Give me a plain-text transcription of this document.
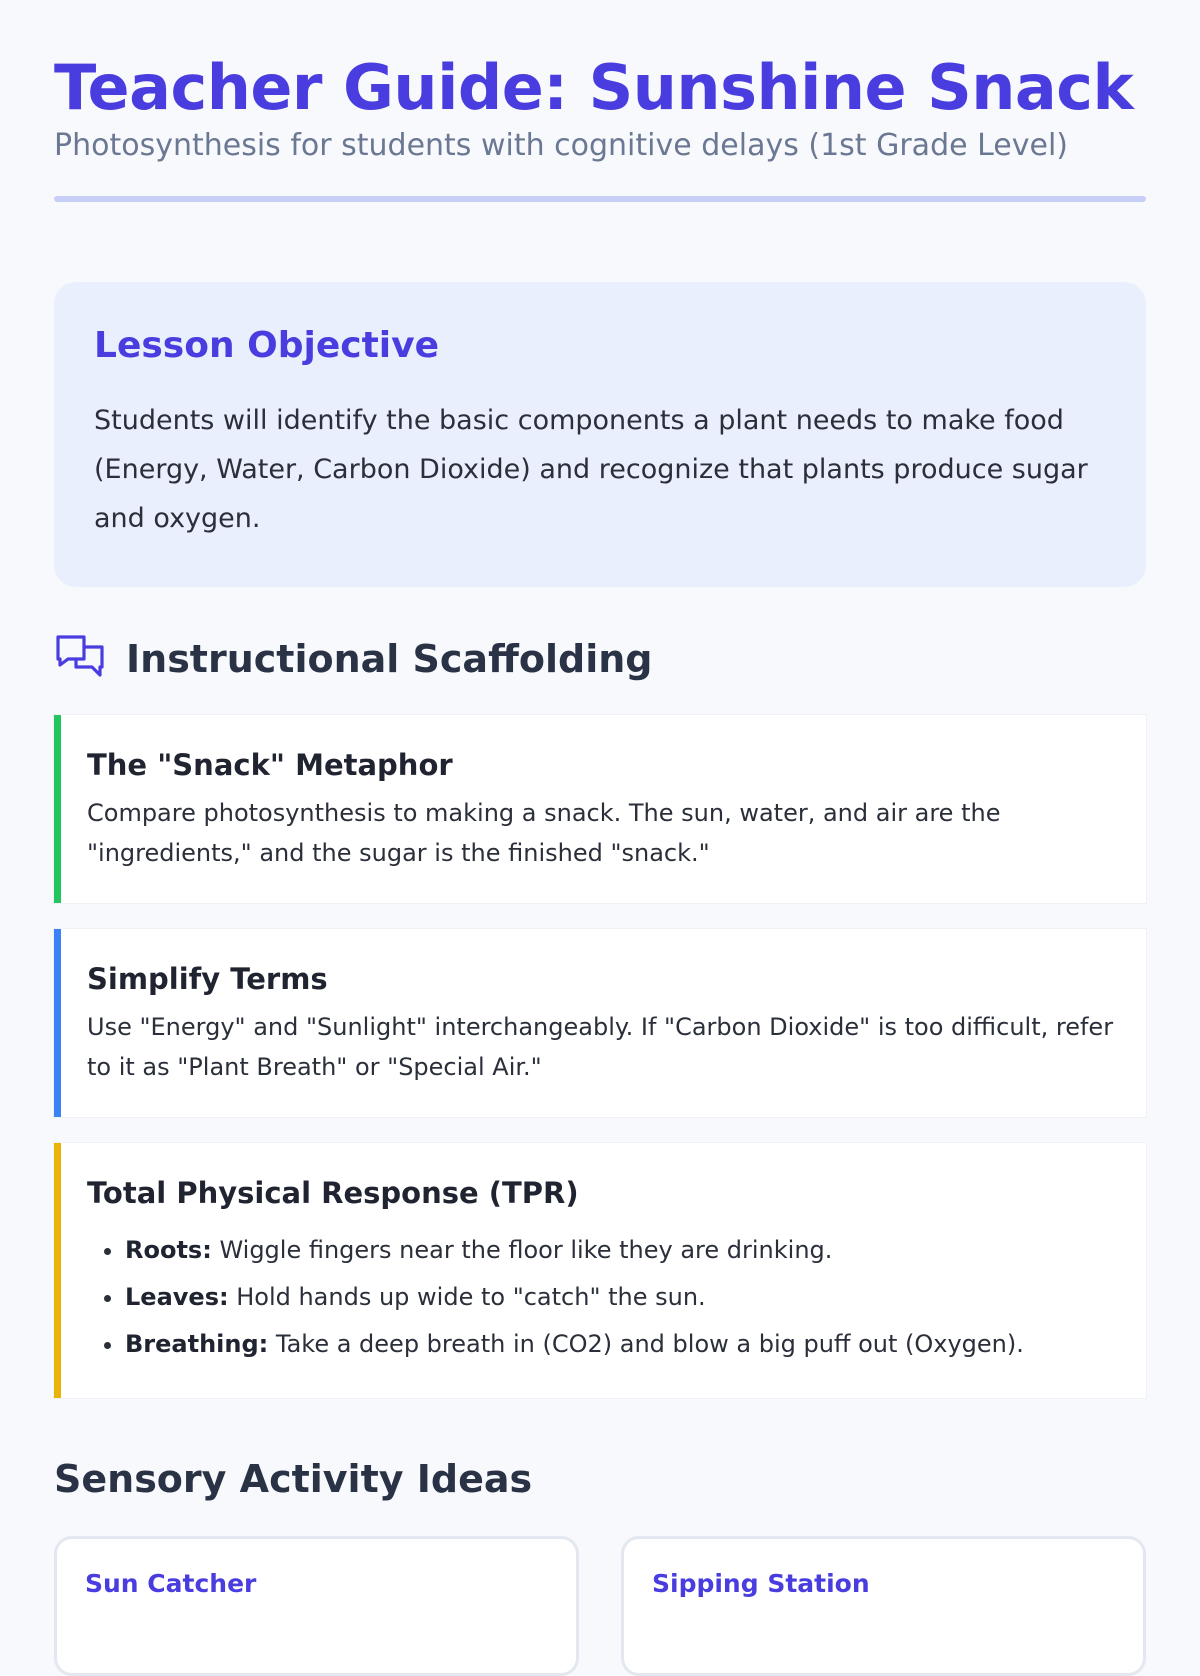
Teacher Guide: Sunshine Snack
Photosynthesis for students with cognitive delays (1st Grade Level)
Lesson Objective

Students will identify the basic components a plant needs to make food (Energy, Water, Carbon Dioxide) and recognize that plants produce sugar and oxygen.

Instructional Scaffolding
The "Snack" Metaphor

Compare photosynthesis to making a snack. The sun, water, and air are the "ingredients," and the sugar is the finished "snack."

Simplify Terms

Use "Energy" and "Sunlight" interchangeably. If "Carbon Dioxide" is too difficult, refer to it as "Plant Breath" or "Special Air."

Total Physical Response (TPR)
• Roots: Wiggle fingers near the floor like they are drinking.
• Leaves: Hold hands up wide to "catch" the sun.
• Breathing: Take a deep breath in (CO2) and blow a big puff out (Oxygen).
Sensory Activity Ideas
Sun Catcher	Sipping Station
